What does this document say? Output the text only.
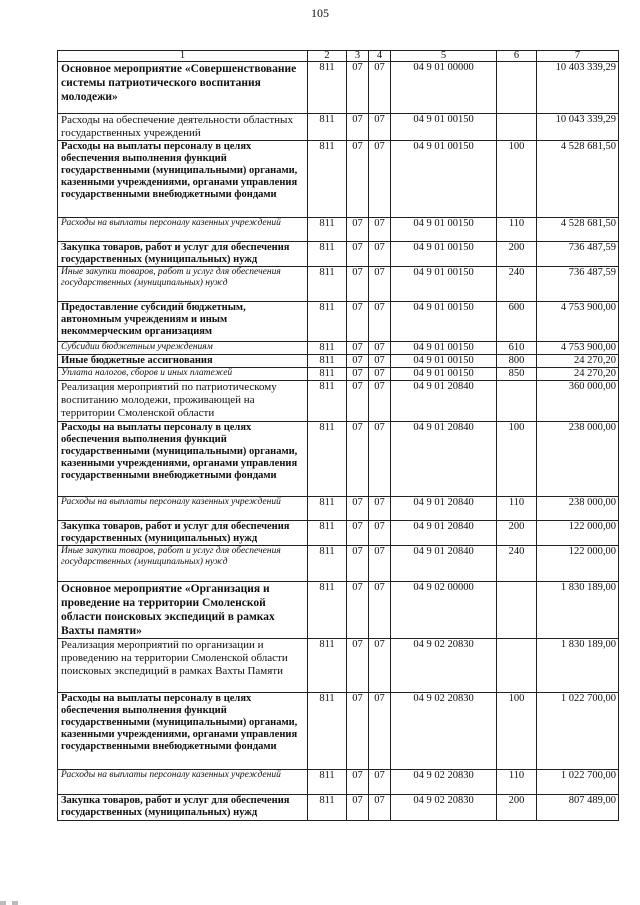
105
1	2	3	4	5	6	7
Основное мероприятие «Совершенствование системы патриотического воспитания молодежи»	811	07	07	04 9 01 00000		10 403 339,29
Расходы на обеспечение деятельности областных государственных учреждений	811	07	07	04 9 01 00150		10 043 339,29
Расходы на выплаты персоналу в целях обеспечения выполнения функций государственными (муниципальными) органами, казенными учреждениями, органами управления государственными внебюджетными фондами	811	07	07	04 9 01 00150	100	4 528 681,50
Расходы на выплаты персоналу казенных учреждений	811	07	07	04 9 01 00150	110	4 528 681,50
Закупка товаров, работ и услуг для обеспечения государственных (муниципальных) нужд	811	07	07	04 9 01 00150	200	736 487,59
Иные закупки товаров, работ и услуг для обеспечения государственных (муниципальных) нужд	811	07	07	04 9 01 00150	240	736 487,59
Предоставление субсидий бюджетным, автономным учреждениям и иным некоммерческим организациям	811	07	07	04 9 01 00150	600	4 753 900,00
Субсидии бюджетным учреждениям	811	07	07	04 9 01 00150	610	4 753 900,00
Иные бюджетные ассигнования	811	07	07	04 9 01 00150	800	24 270,20
Уплата налогов, сборов и иных платежей	811	07	07	04 9 01 00150	850	24 270,20
Реализация мероприятий по патриотическому воспитанию молодежи, проживающей на территории Смоленской области	811	07	07	04 9 01 20840		360 000,00
Расходы на выплаты персоналу в целях обеспечения выполнения функций государственными (муниципальными) органами, казенными учреждениями, органами управления государственными внебюджетными фондами	811	07	07	04 9 01 20840	100	238 000,00
Расходы на выплаты персоналу казенных учреждений	811	07	07	04 9 01 20840	110	238 000,00
Закупка товаров, работ и услуг для обеспечения государственных (муниципальных) нужд	811	07	07	04 9 01 20840	200	122 000,00
Иные закупки товаров, работ и услуг для обеспечения государственных (муниципальных) нужд	811	07	07	04 9 01 20840	240	122 000,00
Основное мероприятие «Организация и проведение на территории Смоленской области поисковых экспедиций в рамках Вахты памяти»	811	07	07	04 9 02 00000		1 830 189,00
Реализация мероприятий по организации и проведению на территории Смоленской области поисковых экспедиций в рамках Вахты Памяти	811	07	07	04 9 02 20830		1 830 189,00
Расходы на выплаты персоналу в целях обеспечения выполнения функций государственными (муниципальными) органами, казенными учреждениями, органами управления государственными внебюджетными фондами	811	07	07	04 9 02 20830	100	1 022 700,00
Расходы на выплаты персоналу казенных учреждений	811	07	07	04 9 02 20830	110	1 022 700,00
Закупка товаров, работ и услуг для обеспечения государственных (муниципальных) нужд	811	07	07	04 9 02 20830	200	807 489,00
